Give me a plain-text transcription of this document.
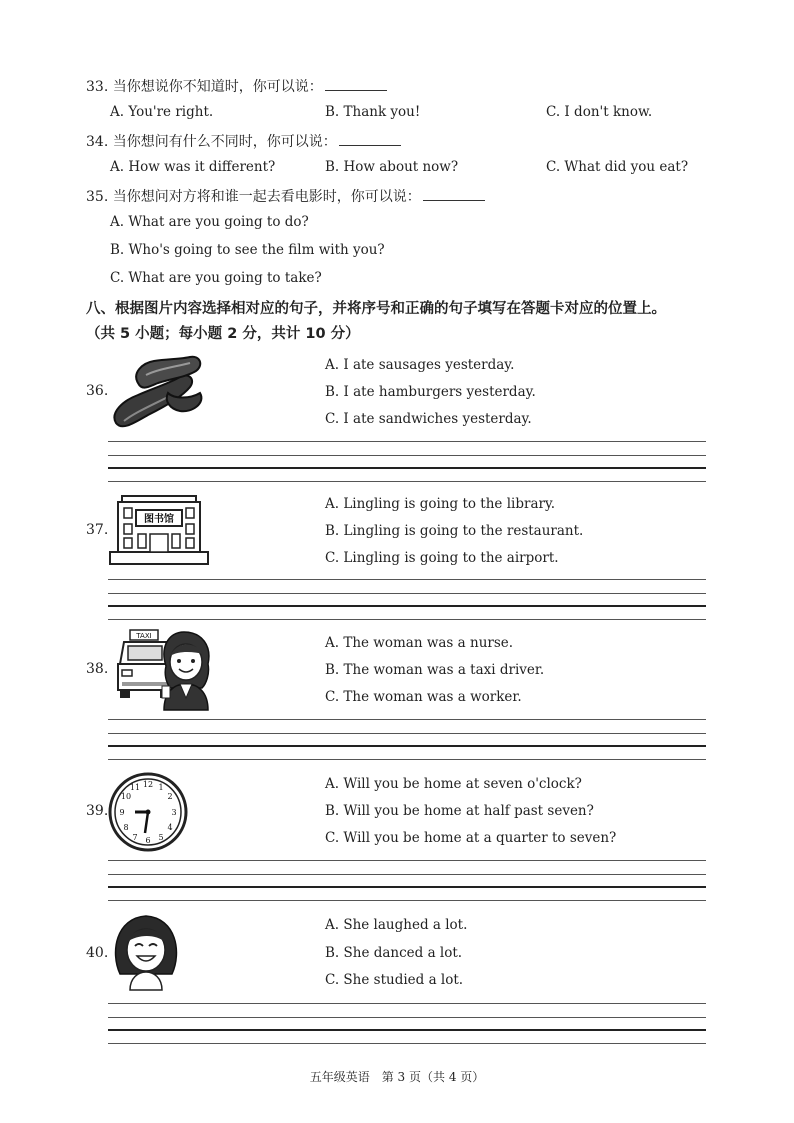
33. 当你想说你不知道时，你可以说：
A. You're right.	B. Thank you!	C. I don't know.
34. 当你想问有什么不同时，你可以说：
A. How was it different?	B. How about now?	C. What did you eat?
35. 当你想问对方将和谁一起去看电影时，你可以说：
A. What are you going to do?
B. Who's going to see the film with you?
C. What are you going to take?
八、根据图片内容选择相对应的句子，并将序号和正确的句子填写在答题卡对应的位置上。
（共 5 小题；每小题 2 分，共计 10 分）
36.
A. I ate sausages yesterday.
B. I ate hamburgers yesterday.
C. I ate sandwiches yesterday.
37.
图书馆
A. Lingling is going to the library.
B. Lingling is going to the restaurant.
C. Lingling is going to the airport.
38.
TAXI	A. The woman was a nurse.
B. The woman was a taxi driver.
C. The woman was a worker.
39.
12 1
2
3
4
5
6
7
8
9
10
11	A. Will you be home at seven o'clock?
B. Will you be home at half past seven?
C. Will you be home at a quarter to seven?
40.
A. She laughed a lot.
B. She danced a lot.
C. She studied a lot.
五年级英语　第 3 页（共 4 页）
